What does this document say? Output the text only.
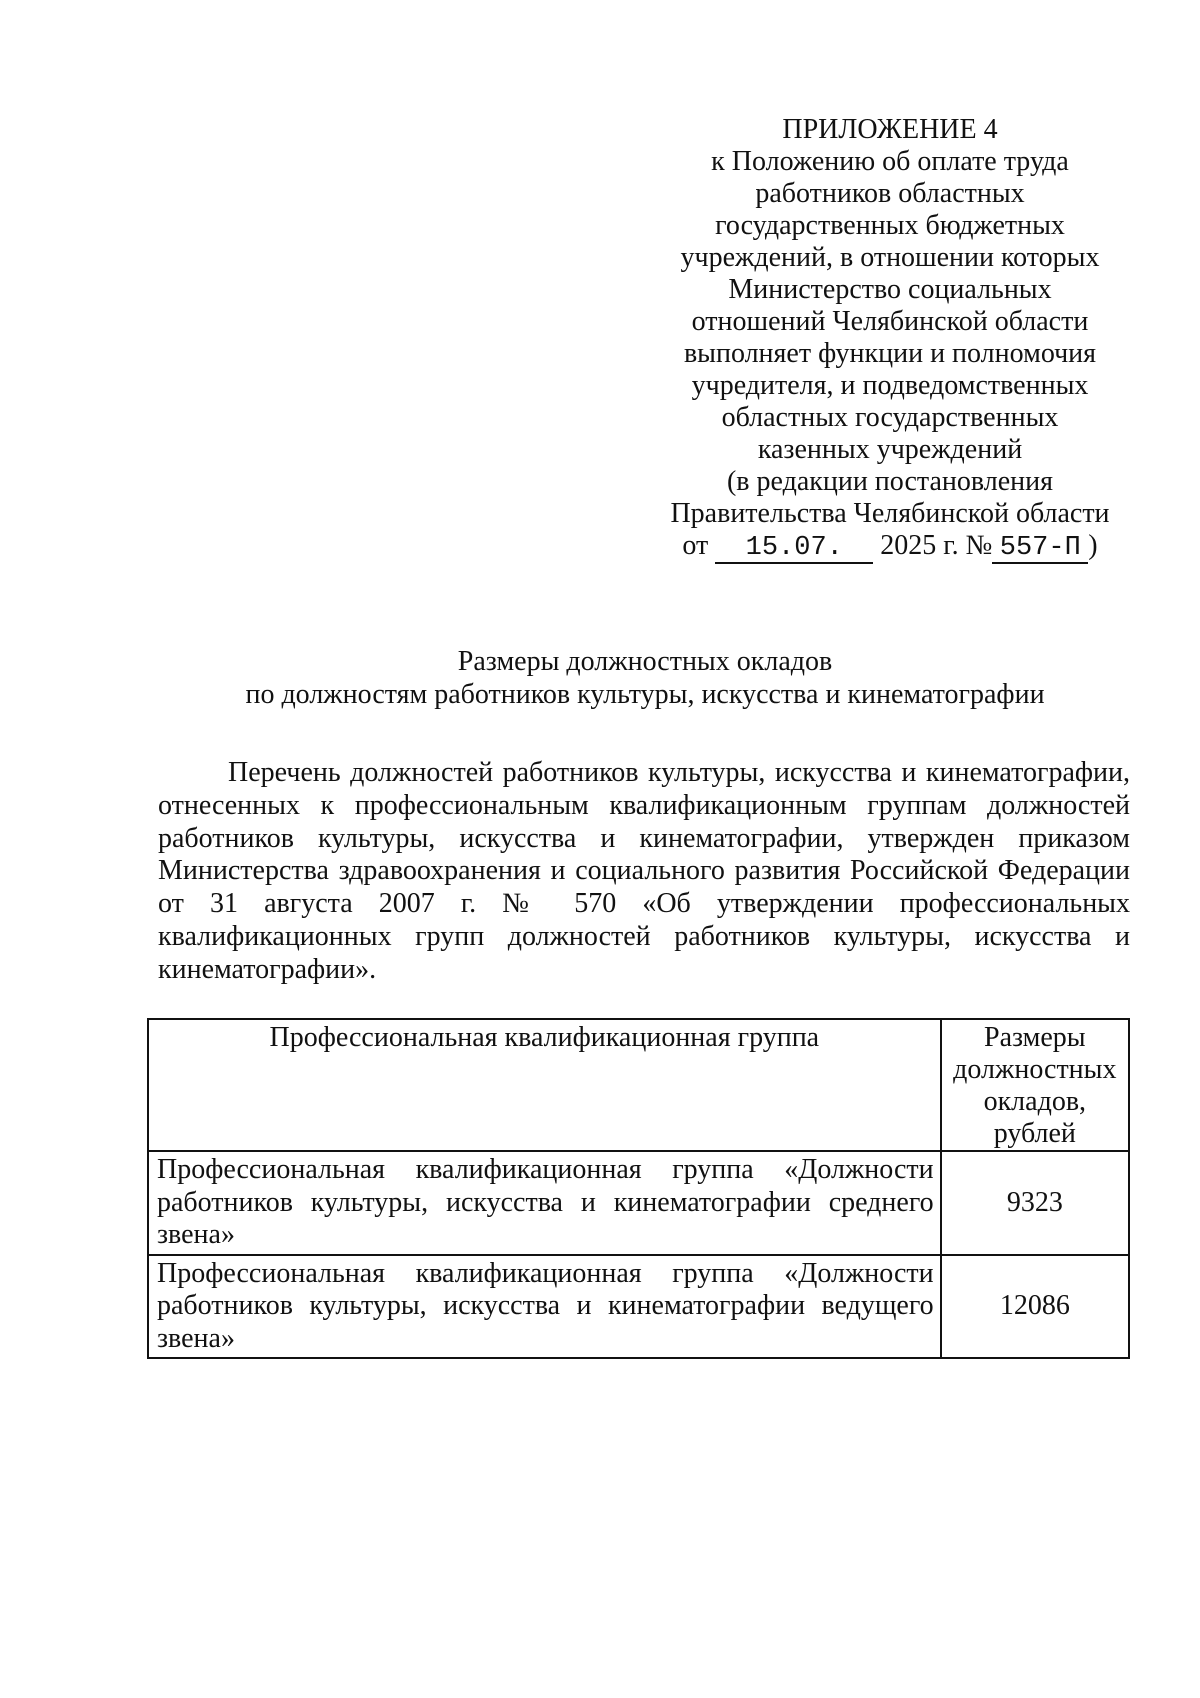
ПРИЛОЖЕНИЕ 4
к Положению об оплате труда
работников областных
государственных бюджетных
учреждений, в отношении которых
Министерство социальных
отношений Челябинской области
выполняет функции и полномочия
учредителя, и подведомственных
областных государственных
казенных учреждений
(в редакции постановления
Правительства Челябинской области
от 15.07. 2025 г. № 557-П )
Размеры должностных окладов
по должностям работников культуры, искусства и кинематографии
Перечень должностей работников культуры, искусства и кинематографии, отнесенных к профессиональным квалификационным группам должностей работников культуры, искусства и кинематографии, утвержден приказом Министерства здравоохранения и социального развития Российской Федерации от 31 августа 2007 г. № 570 «Об утверждении профессиональных квалификационных групп должностей работников культуры, искусства и кинематографии».
Профессиональная квалификационная группа	Размеры
должностных
окладов,
рублей

Профессиональная квалификационная группа «Должности работников культуры, искусства и кинематографии среднего звена»	9323
Профессиональная квалификационная группа «Должности работников культуры, искусства и кинематографии ведущего звена»	12086
